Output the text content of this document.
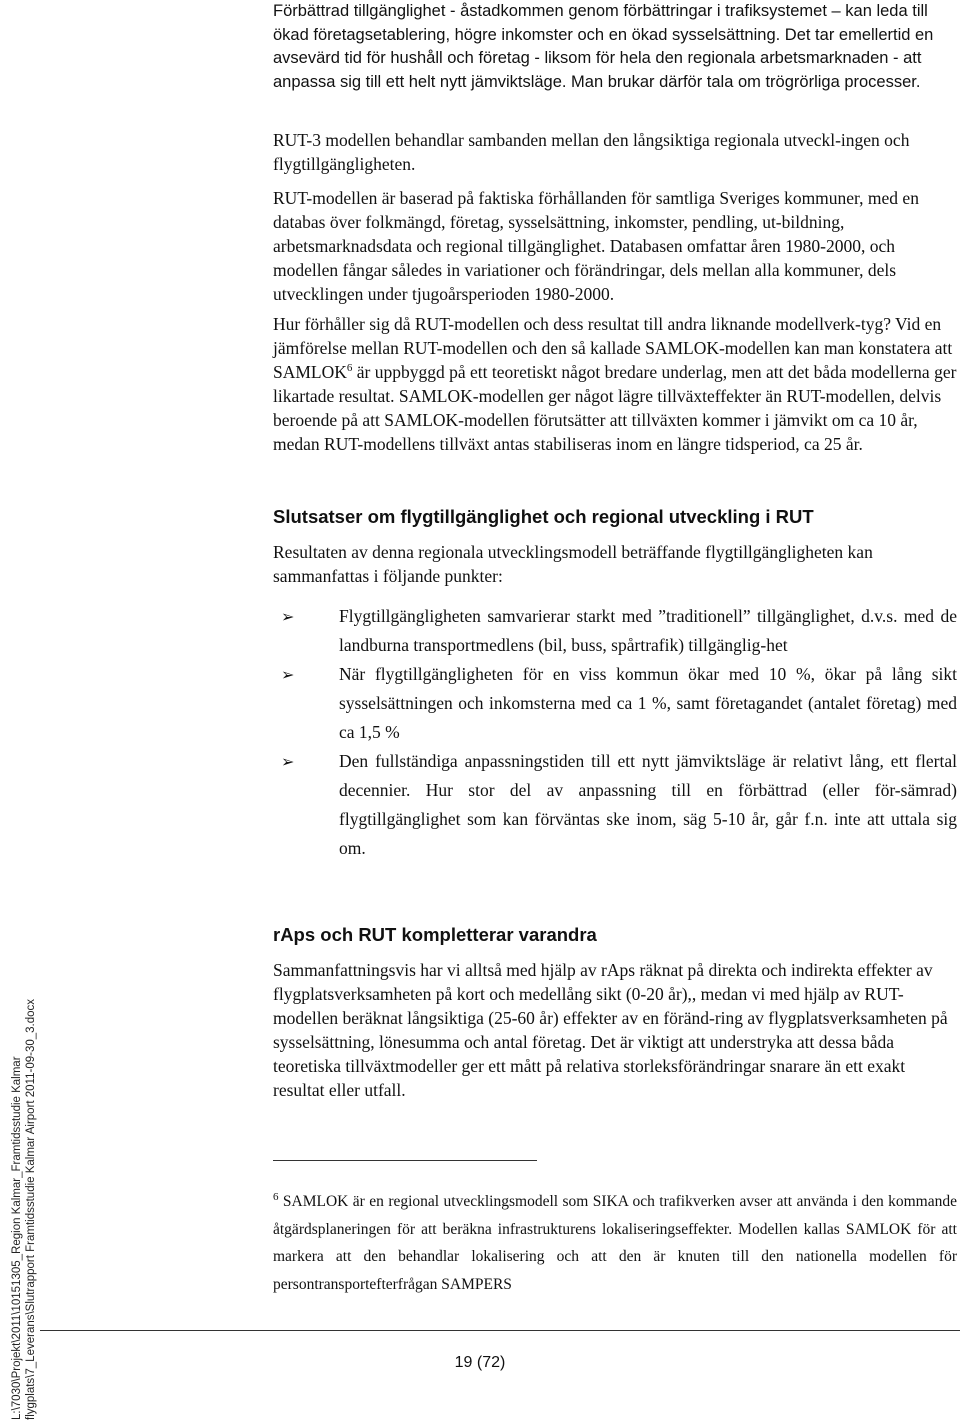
Förbättrad tillgänglighet - åstadkommen genom förbättringar i trafiksystemet – kan leda till ökad företagsetablering, högre inkomster och en ökad sysselsättning. Det tar emellertid en avsevärd tid för hushåll och företag - liksom för hela den regionala arbetsmarknaden - att anpassa sig till ett helt nytt jämviktsläge. Man brukar därför tala om trögrörliga processer.

RUT-3 modellen behandlar sambanden mellan den långsiktiga regionala utveckl-ingen och flygtillgängligheten.

RUT-modellen är baserad på faktiska förhållanden för samtliga Sveriges kommuner, med en databas över folkmängd, företag, sysselsättning, inkomster, pendling, ut-bildning, arbetsmarknadsdata och regional tillgänglighet. Databasen omfattar åren 1980-2000, och modellen fångar således in variationer och förändringar, dels mellan alla kommuner, dels utvecklingen under tjugoårsperioden 1980-2000.

Hur förhåller sig då RUT-modellen och dess resultat till andra liknande modellverk-tyg? Vid en jämförelse mellan RUT-modellen och den så kallade SAMLOK-modellen kan man konstatera att SAMLOK$^6$ är uppbyggd på ett teoretiskt något bredare underlag, men att det båda modellerna ger likartade resultat. SAMLOK-modellen ger något lägre tillväxteffekter än RUT-modellen, delvis beroende på att SAMLOK-modellen förutsätter att tillväxten kommer i jämvikt om ca 10 år, medan RUT-modellens tillväxt antas stabiliseras inom en längre tidsperiod, ca 25 år.

Slutsatser om flygtillgänglighet och regional utveckling i RUT

Resultaten av denna regionala utvecklingsmodell beträffande flygtillgängligheten kan sammanfattas i följande punkter:

➢	Flygtillgängligheten samvarierar starkt med ”traditionell” tillgänglighet, d.v.s. med de landburna transportmedlens (bil, buss, spårtrafik) tillgänglig-het
➢	När flygtillgängligheten för en viss kommun ökar med 10 %, ökar på lång sikt sysselsättningen och inkomsterna med ca 1 %, samt företagandet (antalet företag) med ca 1,5 %
➢	Den fullständiga anpassningstiden till ett nytt jämviktsläge är relativt lång, ett flertal decennier. Hur stor del av anpassning till en förbättrad (eller för-sämrad) flygtillgänglighet som kan förväntas ske inom, säg 5-10 år, går f.n. inte att uttala sig om.
rAps och RUT kompletterar varandra

Sammanfattningsvis har vi alltså med hjälp av rAps räknat på direkta och indirekta effekter av flygplatsverksamheten på kort och medellång sikt (0-20 år),, medan vi med hjälp av RUT-modellen beräknat långsiktiga (25-60 år) effekter av en föränd-ring av flygplatsverksamheten på sysselsättning, lönesumma och antal företag. Det är viktigt att understryka att dessa båda teoretiska tillväxtmodeller ger ett mått på relativa storleksförändringar snarare än ett exakt resultat eller utfall.

$^6$ SAMLOK är en regional utvecklingsmodell som SIKA och trafikverken avser att använda i den kommande åtgärdsplaneringen för att beräkna infrastrukturens lokaliseringseffekter. Modellen kallas SAMLOK för att markera att den behandlar lokalisering och att den är knuten till den nationella modellen för persontransportefterfrågan SAMPERS

L:\7030\Projekt\2011\10151305_Region Kalmar_Framtidsstudie Kalmar flygplats\7_Leverans\Slutrapport Framtidsstudie Kalmar Airport 2011-09-30_3.docx	19 (72)
